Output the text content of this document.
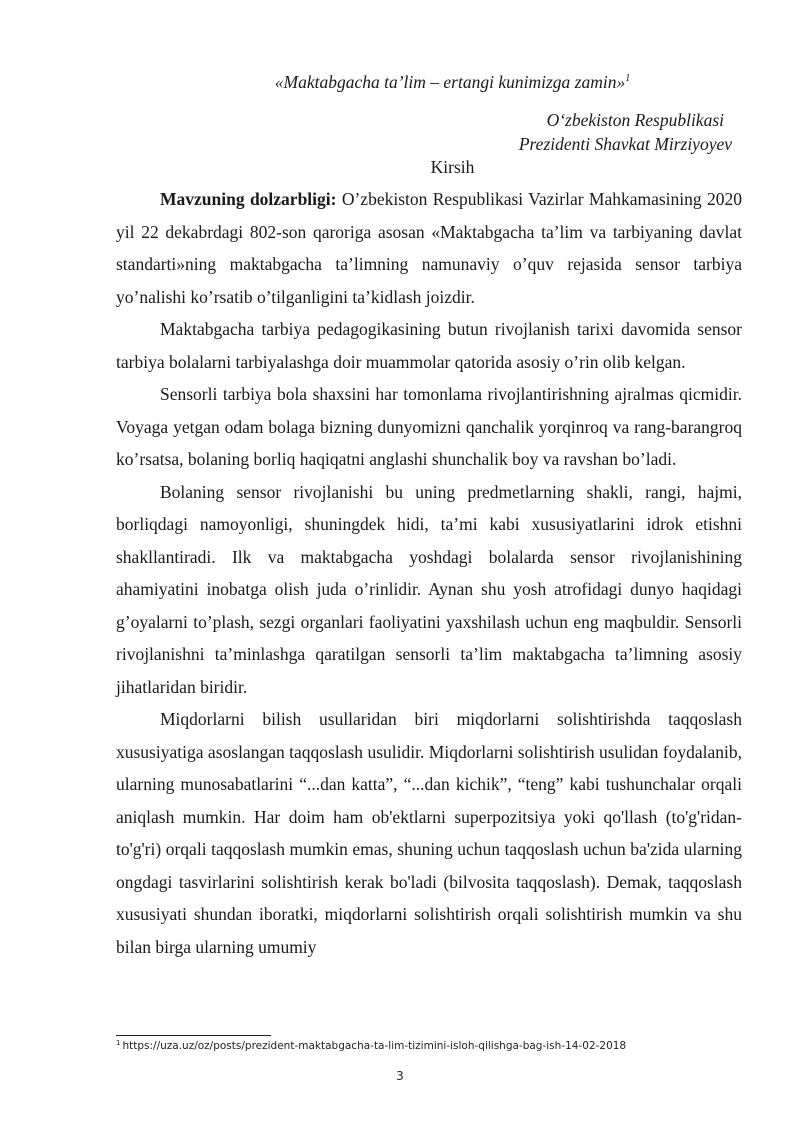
«Maktabgacha ta’lim – ertangi kunimizga zamin»$^1$
O‘zbekiston Respublikasi
Prezidenti Shavkat Mirziyoyev
Kirsih

Mavzuning dolzarbligi: O’zbekiston Respublikasi Vazirlar Mahkamasining 2020 yil 22 dekabrdagi 802-son qaroriga asosan «Maktabgacha ta’lim va tarbiyaning davlat standarti»ning maktabgacha ta’limning namunaviy o’quv rejasida sensor tarbiya yo’nalishi ko’rsatib o’tilganligini ta’kidlash joizdir.

Maktabgacha tarbiya pedagogikasining butun rivojlanish tarixi davomida sensor tarbiya bolalarni tarbiyalashga doir muammolar qatorida asosiy o’rin olib kelgan.

Sensorli tarbiya bola shaxsini har tomonlama rivojlantirishning ajralmas qicmidir. Voyaga yetgan odam bolaga bizning dunyomizni qanchalik yorqinroq va rang-barangroq ko’rsatsa, bolaning borliq haqiqatni anglashi shunchalik boy va ravshan bo’ladi.

Bolaning sensor rivojlanishi bu uning predmetlarning shakli, rangi, hajmi, borliqdagi namoyonligi, shuningdek hidi, ta’mi kabi xususiyatlarini idrok etishni shakllantiradi. Ilk va maktabgacha yoshdagi bolalarda sensor rivojlanishining ahamiyatini inobatga olish juda o’rinlidir. Aynan shu yosh atrofidagi dunyo haqidagi g’oyalarni to’plash, sezgi organlari faoliyatini yaxshilash uchun eng maqbuldir. Sensorli rivojlanishni ta’minlashga qaratilgan sensorli ta’lim maktabgacha ta’limning asosiy jihatlaridan biridir.

Miqdorlarni bilish usullaridan biri miqdorlarni solishtirishda taqqoslash xususiyatiga asoslangan taqqoslash usulidir. Miqdorlarni solishtirish usulidan foydalanib, ularning munosabatlarini “...dan katta”, “...dan kichik”, “teng” kabi tushunchalar orqali aniqlash mumkin. Har doim ham ob'ektlarni superpozitsiya yoki qo'llash (to'g'ridan-to'g'ri) orqali taqqoslash mumkin emas, shuning uchun taqqoslash uchun ba'zida ularning ongdagi tasvirlarini solishtirish kerak bo'ladi (bilvosita taqqoslash). Demak, taqqoslash xususiyati shundan iboratki, miqdorlarni solishtirish orqali solishtirish mumkin va shu bilan birga ularning umumiy

$^1$ https://uza.uz/oz/posts/prezident-maktabgacha-ta-lim-tizimini-isloh-qilishga-bag-ish-14-02-2018
3
